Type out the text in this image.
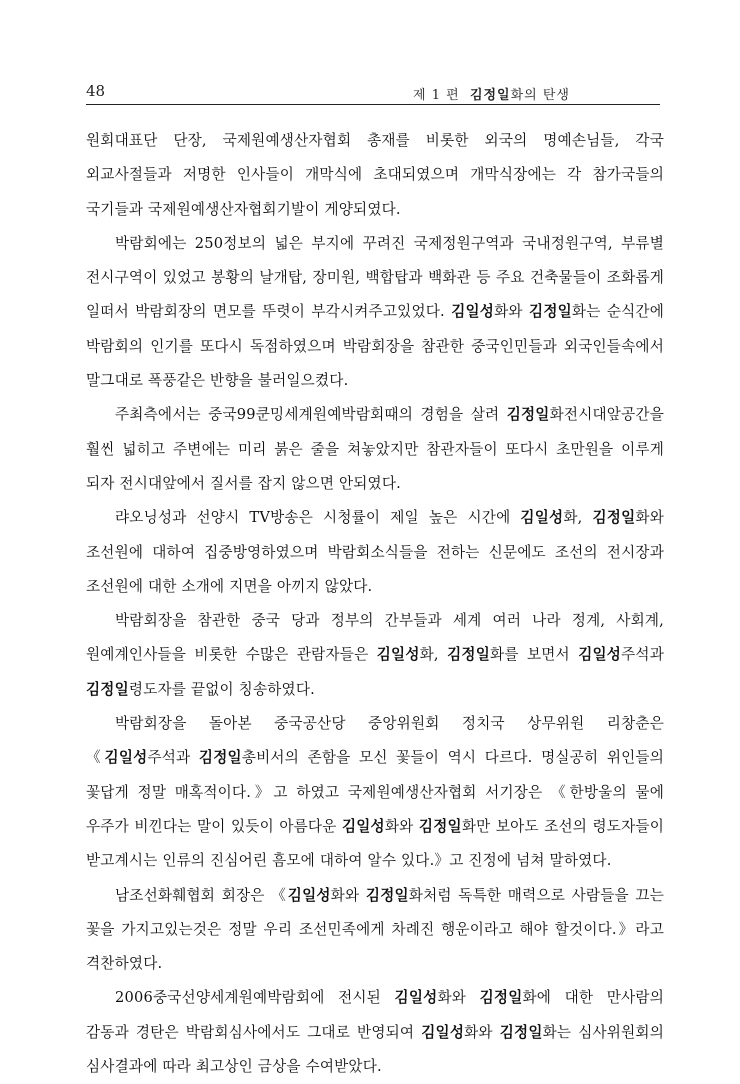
48	제 1 편 김정일화의 탄생

원회대표단 단장, 국제원예생산자협회 총재를 비롯한 외국의 명예손님들, 각국 외교사절들과 저명한 인사들이 개막식에 초대되였으며 개막식장에는 각 참가국들의 국기들과 국제원예생산자협회기발이 게양되였다.

박람회에는 250정보의 넓은 부지에 꾸려진 국제정원구역과 국내정원구역, 부류별 전시구역이 있었고 봉황의 날개탑, 장미원, 백합탑과 백화관 등 주요 건축물들이 조화롭게 일떠서 박람회장의 면모를 뚜렷이 부각시켜주고있었다. 김일성화와 김정일화는 순식간에 박람회의 인기를 또다시 독점하였으며 박람회장을 참관한 중국인민들과 외국인들속에서 말그대로 폭풍같은 반향을 불러일으켰다.

주최측에서는 중국99쿤밍세계원예박람회때의 경험을 살려 김정일화전시대앞공간을 훨씬 넓히고 주변에는 미리 붉은 줄을 쳐놓았지만 참관자들이 또다시 초만원을 이루게 되자 전시대앞에서 질서를 잡지 않으면 안되였다.

랴오닝성과 선양시 TV방송은 시청률이 제일 높은 시간에 김일성화, 김정일화와 조선원에 대하여 집중방영하였으며 박람회소식들을 전하는 신문에도 조선의 전시장과 조선원에 대한 소개에 지면을 아끼지 않았다.

박람회장을 참관한 중국 당과 정부의 간부들과 세계 여러 나라 정계, 사회계, 원예계인사들을 비롯한 수많은 관람자들은 김일성화, 김정일화를 보면서 김일성주석과 김정일령도자를 끝없이 칭송하였다.

박람회장을 돌아본 중국공산당 중앙위원회 정치국 상무위원 리창춘은 《김일성주석과 김정일총비서의 존함을 모신 꽃들이 역시 다르다. 명실공히 위인들의 꽃답게 정말 매혹적이다.》고 하였고 국제원예생산자협회 서기장은 《한방울의 물에 우주가 비낀다는 말이 있듯이 아름다운 김일성화와 김정일화만 보아도 조선의 령도자들이 받고계시는 인류의 진심어린 흠모에 대하여 알수 있다.》고 진정에 넘쳐 말하였다.

남조선화훼협회 회장은 《김일성화와 김정일화처럼 독특한 매력으로 사람들을 끄는 꽃을 가지고있는것은 정말 우리 조선민족에게 차례진 행운이라고 해야 할것이다.》라고 격찬하였다.

2006중국선양세계원예박람회에 전시된 김일성화와 김정일화에 대한 만사람의 감동과 경탄은 박람회심사에서도 그대로 반영되여 김일성화와 김정일화는 심사위원회의 심사결과에 따라 최고상인 금상을 수여받았다.
